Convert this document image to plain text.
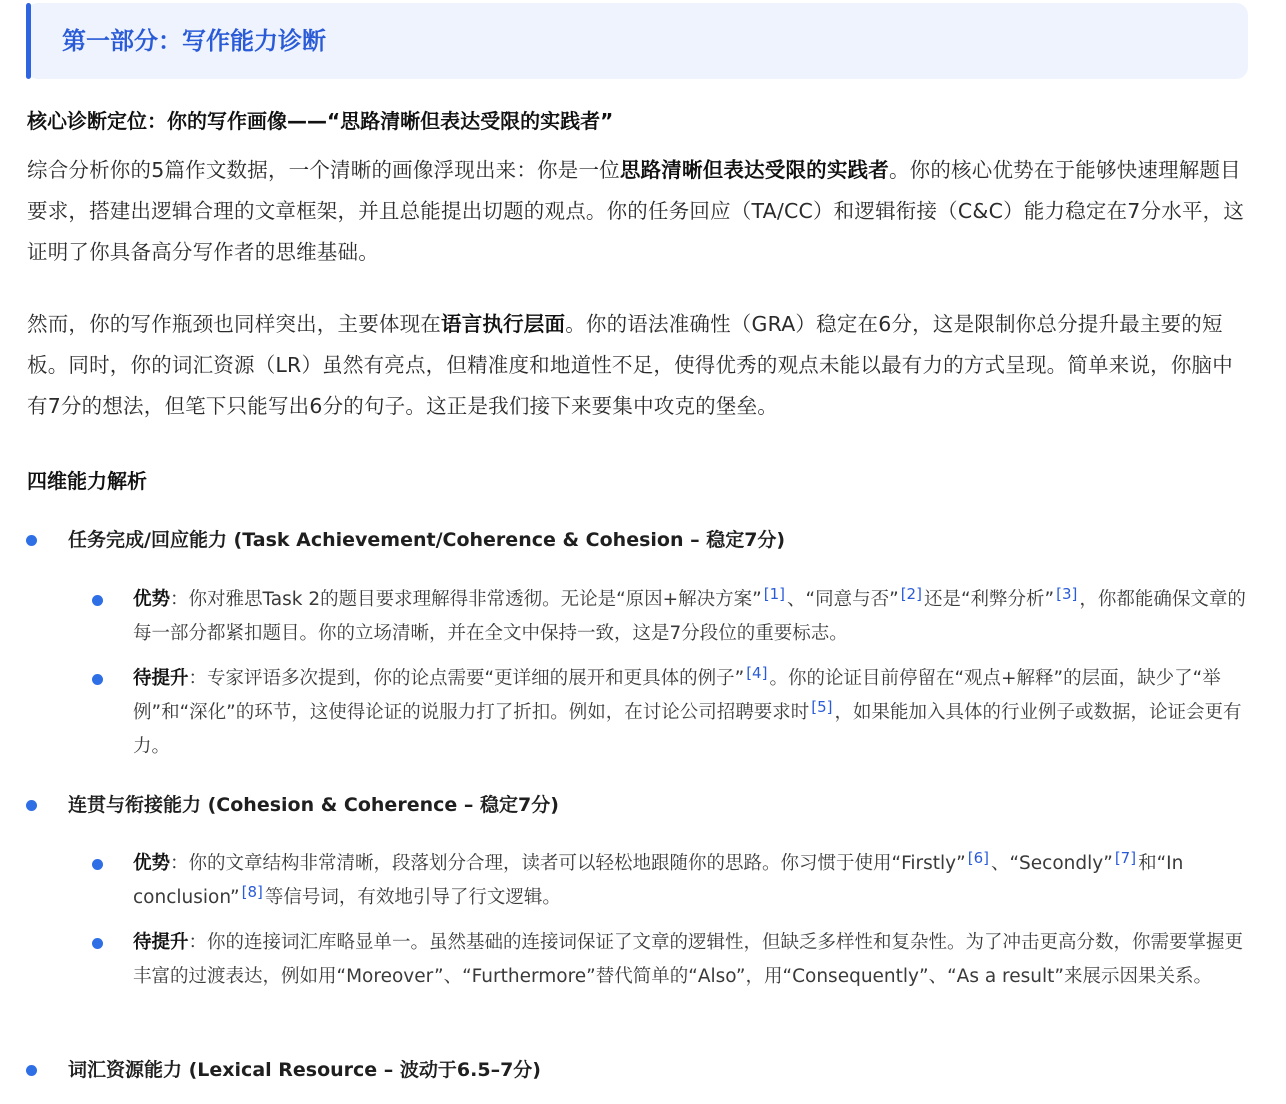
第一部分：写作能力诊断
核心诊断定位：你的写作画像——“思路清晰但表达受限的实践者”

综合分析你的5篇作文数据，一个清晰的画像浮现出来：你是一位思路清晰但表达受限的实践者。你的核心优势在于能够快速理解题目要求，搭建出逻辑合理的文章框架，并且总能提出切题的观点。你的任务回应（TA/CC）和逻辑衔接（C&C）能力稳定在7分水平，这证明了你具备高分写作者的思维基础。

然而，你的写作瓶颈也同样突出，主要体现在语言执行层面。你的语法准确性（GRA）稳定在6分，这是限制你总分提升最主要的短板。同时，你的词汇资源（LR）虽然有亮点，但精准度和地道性不足，使得优秀的观点未能以最有力的方式呈现。简单来说，你脑中有7分的想法，但笔下只能写出6分的句子。这正是我们接下来要集中攻克的堡垒。

四维能力解析
任务完成/回应能力 (Task Achievement/Coherence & Cohesion – 稳定7分)
优势：你对雅思Task 2的题目要求理解得非常透彻。无论是“原因+解决方案” [1] 、“同意与否” [2] 还是“利弊分析” [3] ，你都能确保文章的每一部分都紧扣题目。你的立场清晰，并在全文中保持一致，这是7分段位的重要标志。
待提升：专家评语多次提到，你的论点需要“更详细的展开和更具体的例子” [4] 。你的论证目前停留在“观点+解释”的层面，缺少了“举例”和“深化”的环节，这使得论证的说服力打了折扣。例如，在讨论公司招聘要求时 [5] ，如果能加入具体的行业例子或数据，论证会更有力。
连贯与衔接能力 (Cohesion & Coherence – 稳定7分)
优势：你的文章结构非常清晰，段落划分合理，读者可以轻松地跟随你的思路。你习惯于使用“Firstly” [6] 、“Secondly” [7] 和“In conclusion” [8] 等信号词，有效地引导了行文逻辑。
待提升：你的连接词汇库略显单一。虽然基础的连接词保证了文章的逻辑性，但缺乏多样性和复杂性。为了冲击更高分数，你需要掌握更丰富的过渡表达，例如用“Moreover”、“Furthermore”替代简单的“Also”，用“Consequently”、“As a result”来展示因果关系。
词汇资源能力 (Lexical Resource – 波动于6.5–7分)
